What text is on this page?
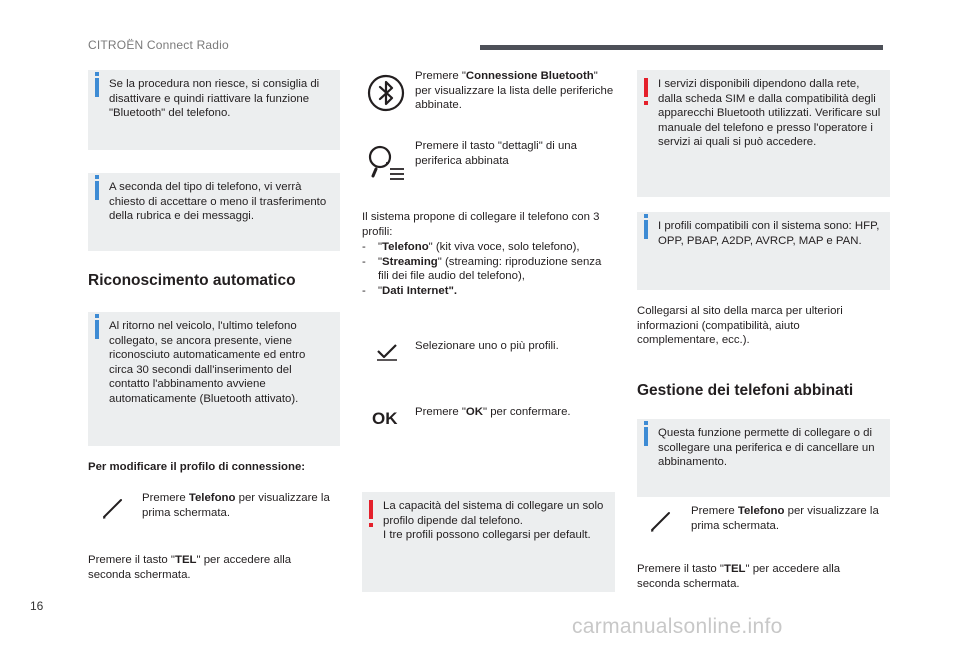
CITROËN Connect Radio

Se la procedura non riesce, si consiglia di disattivare e quindi riattivare la funzione "Bluetooth" del telefono.

A seconda del tipo di telefono, vi verrà chiesto di accettare o meno il trasferimento della rubrica e dei messaggi.

Riconoscimento automatico

Al ritorno nel veicolo, l'ultimo telefono collegato, se ancora presente, viene riconosciuto automaticamente ed entro circa 30 secondi dall'inserimento del contatto l'abbinamento avviene automaticamente (Bluetooth attivato).

Per modificare il profilo di connessione:

Premere Telefono per visualizzare la prima schermata.

Premere il tasto "TEL" per accedere alla seconda schermata.

Premere "Connessione Bluetooth" per visualizzare la lista delle periferiche abbinate.

Premere il tasto "dettagli" di una periferica abbinata

Il sistema propone di collegare il telefono con 3 profili:

- "Telefono" (kit viva voce, solo telefono),
- "Streaming" (streaming: riproduzione senza fili dei file audio del telefono),
- "Dati Internet".

Selezionare uno o più profili.

OK Premere "OK" per confermare.

La capacità del sistema di collegare un solo profilo dipende dal telefono.

I tre profili possono collegarsi per default.

I servizi disponibili dipendono dalla rete, dalla scheda SIM e dalla compatibilità degli apparecchi Bluetooth utilizzati. Verificare sul manuale del telefono e presso l'operatore i servizi ai quali si può accedere.

I profili compatibili con il sistema sono: HFP, OPP, PBAP, A2DP, AVRCP, MAP e PAN.

Collegarsi al sito della marca per ulteriori informazioni (compatibilità, aiuto complementare, ecc.).

Gestione dei telefoni abbinati

Questa funzione permette di collegare o di scollegare una periferica e di cancellare un abbinamento.

Premere Telefono per visualizzare la prima schermata.

Premere il tasto "TEL" per accedere alla seconda schermata.

16
carmanualsonline.info
